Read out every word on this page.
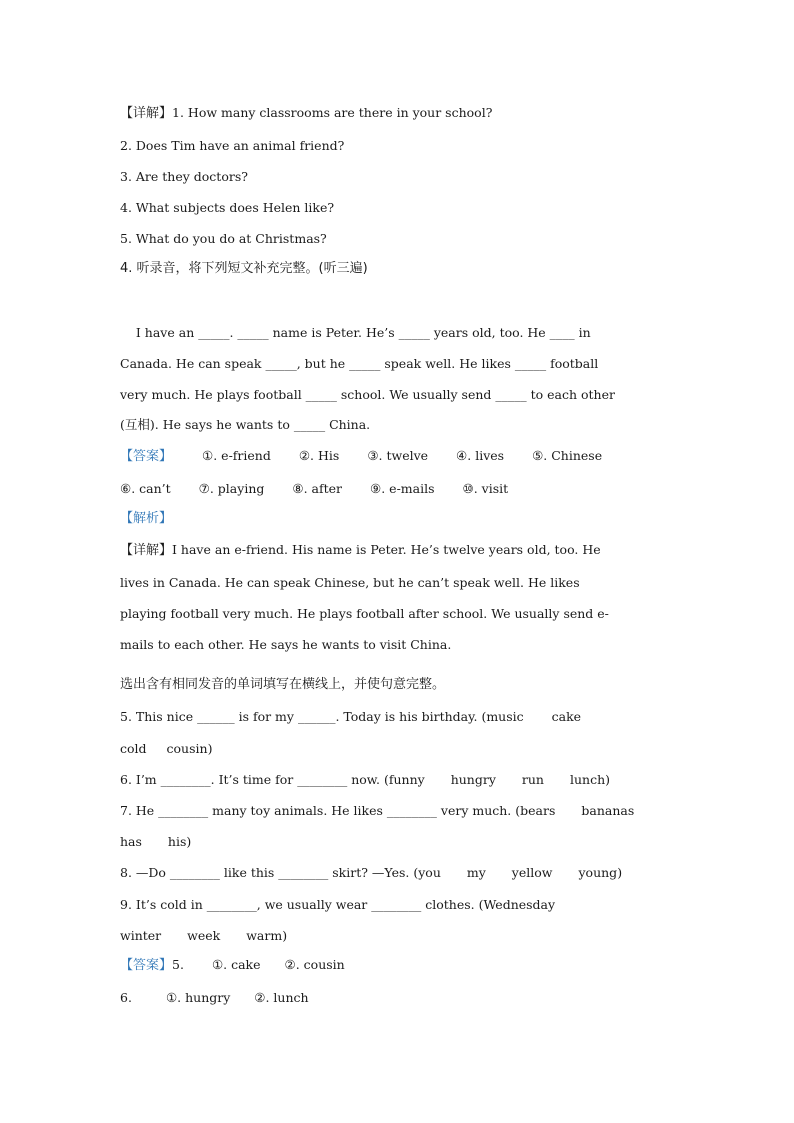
【详解】1. How many classrooms are there in your school?
2. Does Tim have an animal friend?
3. Are they doctors?
4. What subjects does Helen like?
5. What do you do at Christmas?
4. 听录音，将下列短文补充完整。(听三遍)
I have an _____. _____ name is Peter. He’s _____ years old, too. He ____ in
Canada. He can speak _____, but he _____ speak well. He likes _____ football
very much. He plays football _____ school. We usually send _____ to each other
(互相). He says he wants to _____ China.
【答案】 ①. e-friend ②. His ③. twelve ④. lives ⑤. Chinese
⑥. can’t ⑦. playing ⑧. after ⑨. e-mails ⑩. visit
【解析】
【详解】I have an e-friend. His name is Peter. He’s twelve years old, too. He
lives in Canada. He can speak Chinese, but he can’t speak well. He likes
playing football very much. He plays football after school. We usually send e-
mails to each other. He says he wants to visit China.
选出含有相同发音的单词填写在横线上，并使句意完整。
5. This nice ______ is for my ______. Today is his birthday. (music cake
cold cousin)
6. I’m ________. It’s time for ________ now. (funny hungry run lunch)
7. He ________ many toy animals. He likes ________ very much. (bears bananas
has his)
8. —Do ________ like this ________ skirt? —Yes. (you my yellow young)
9. It’s cold in ________, we usually wear ________ clothes. (Wednesday
winter week warm)
【答案】5. ①. cake ②. cousin
6.	①. hungry ②. lunch
